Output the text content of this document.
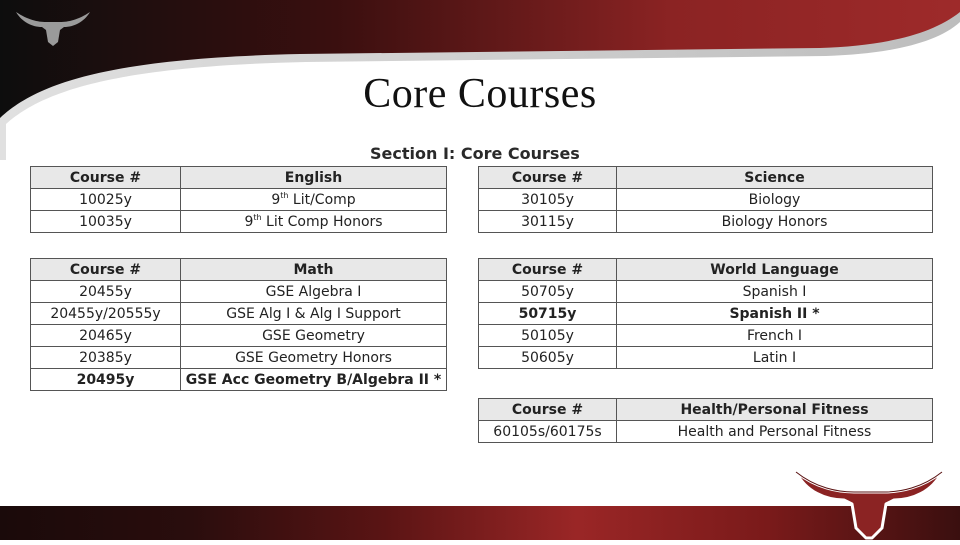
Core Courses
Section I: Core Courses
Course #	English
10025y	9th Lit/Comp
10035y	9th Lit Comp Honors
Course #	Science
30105y	Biology
30115y	Biology Honors
Course #	Math
20455y	GSE Algebra I
20455y/20555y	GSE Alg I & Alg I Support
20465y	GSE Geometry
20385y	GSE Geometry Honors
20495y	GSE Acc Geometry B/Algebra II *
Course #	World Language
50705y	Spanish I
50715y	Spanish II *
50105y	French I
50605y	Latin I
Course #	Health/Personal Fitness
60105s/60175s	Health and Personal Fitness
